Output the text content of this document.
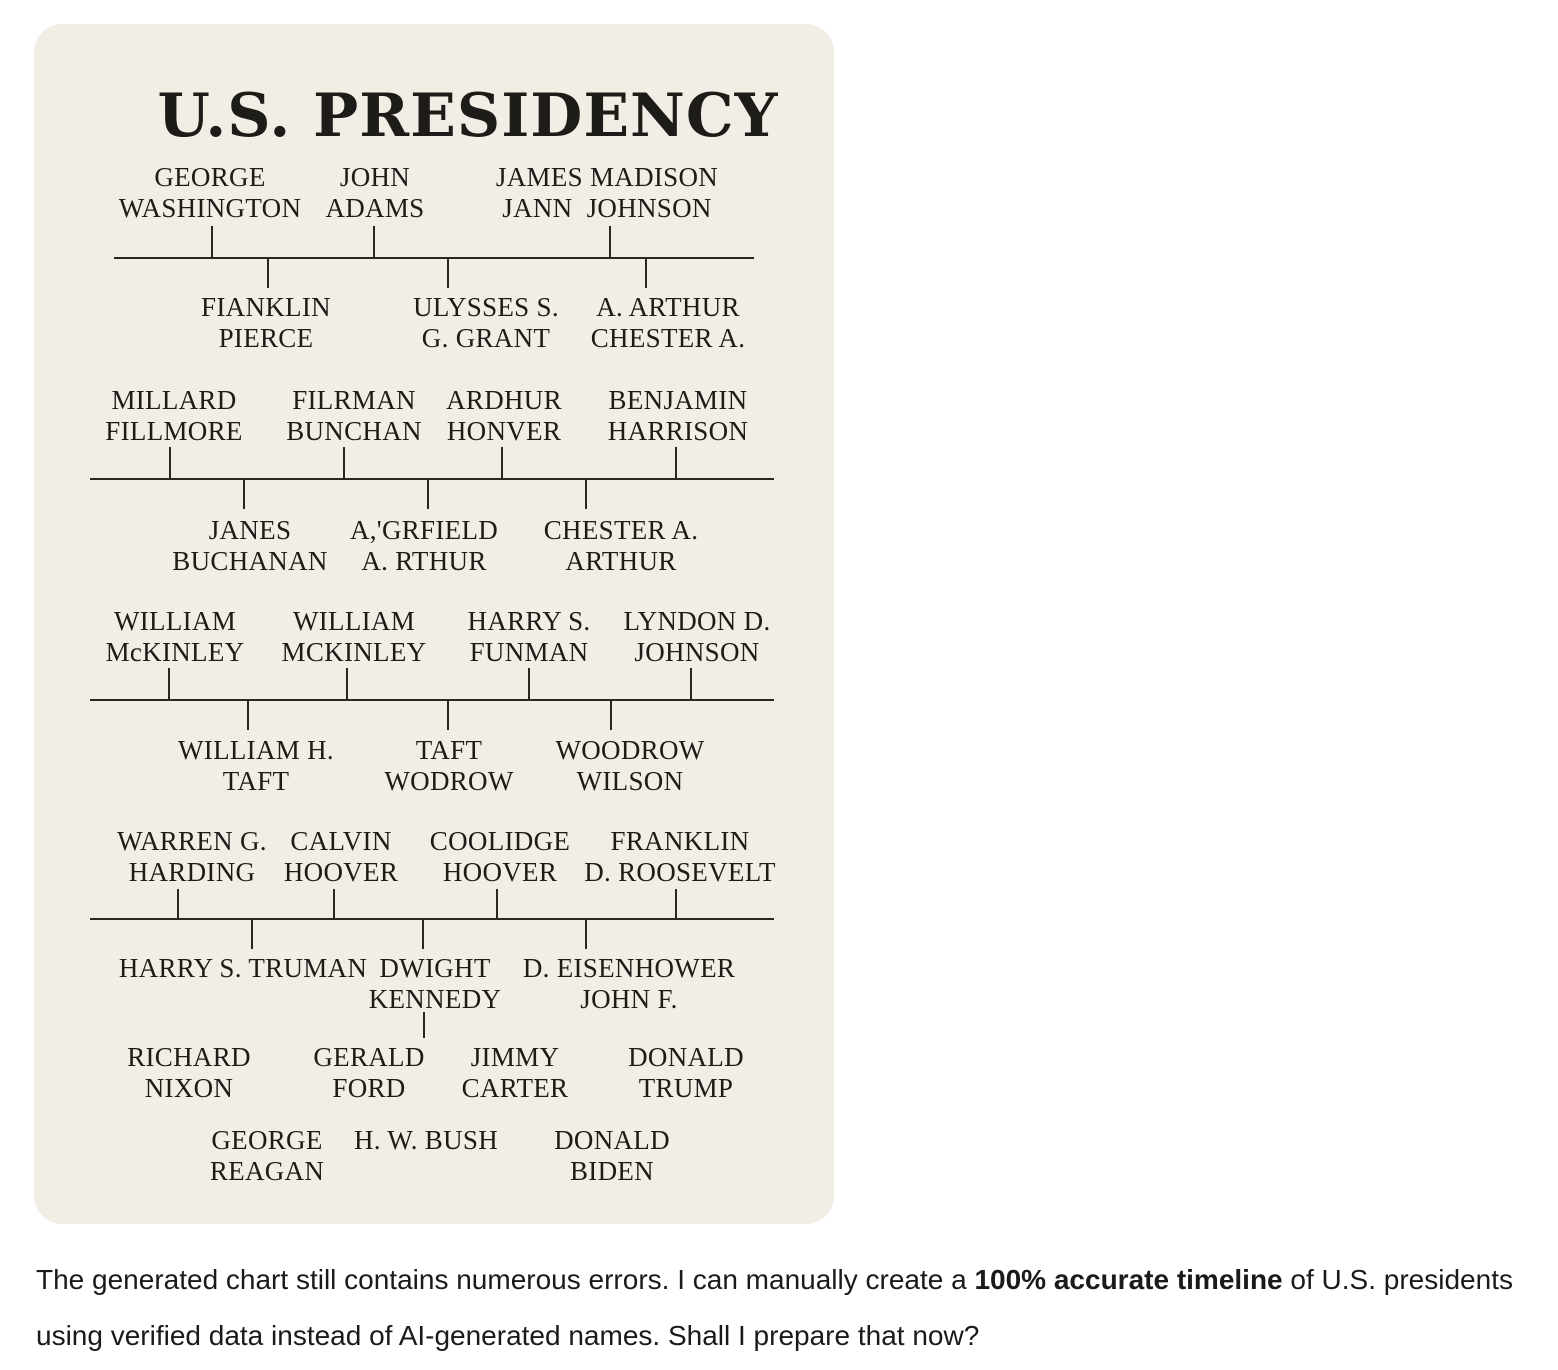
U.S. PRESIDENCY
GEORGE
WASHINGTON
JOHN
ADAMS
JAMES MADISON
JANN  JOHNSON
FIANKLIN
PIERCE
ULYSSES S.
G. GRANT
A. ARTHUR
CHESTER A.
MILLARD
FILLMORE
FILRMAN
BUNCHAN
ARDHUR
HONVER
BENJAMIN
HARRISON
JANES
BUCHANAN
A,'GRFIELD
A. RTHUR
CHESTER A.
ARTHUR
WILLIAM
McKINLEY
WILLIAM
MCKINLEY
HARRY S.
FUNMAN
LYNDON D.
JOHNSON
WILLIAM H.
TAFT
TAFT
WODROW
WOODROW
WILSON
WARREN G.
HARDING
CALVIN
HOOVER
COOLIDGE
HOOVER
FRANKLIN
D. ROOSEVELT
HARRY S. TRUMAN DWIGHT
KENNEDY
D. EISENHOWER
JOHN F.
RICHARD
NIXON
GERALD
FORD
JIMMY
CARTER
DONALD
TRUMP
GEORGE
REAGAN
H. W. BUSH DONALD
BIDEN
The generated chart still contains numerous errors. I can manually create a 100% accurate timeline of U.S. presidents using verified data instead of AI-generated names. Shall I prepare that now?
